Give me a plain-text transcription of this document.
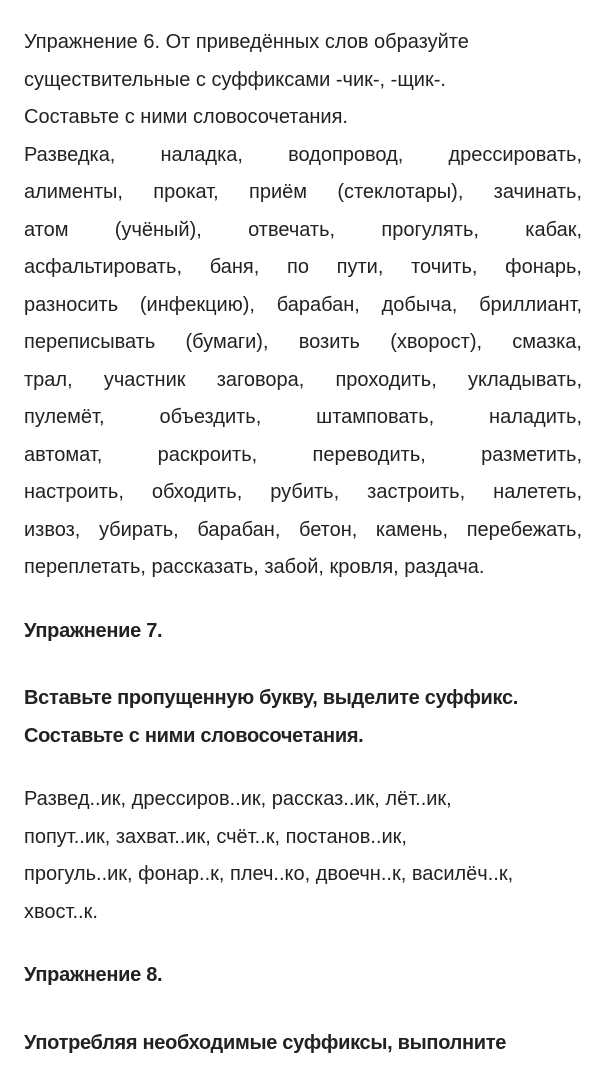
Упражнение 6. От приведённых слов образуйте
существительные с суффиксами -чик-, -щик-.
Составьте с ними словосочетания.
Разведка, наладка, водопровод, дрессировать,
алименты, прокат, приём (стеклотары), зачинать,
атом (учёный), отвечать, прогулять, кабак,
асфальтировать, баня, по пути, точить, фонарь,
разносить (инфекцию), барабан, добыча, бриллиант,
переписывать (бумаги), возить (хворост), смазка,
трал, участник заговора, проходить, укладывать,
пулемёт, объездить, штамповать, наладить,
автомат, раскроить, переводить, разметить,
настроить, обходить, рубить, застроить, налететь,
извоз, убирать, барабан, бетон, камень, перебежать,
переплетать, рассказать, забой, кровля, раздача.
Упражнение 7.
Вставьте пропущенную букву, выделите суффикс.
Составьте с ними словосочетания.
Развед..ик, дрессиров..ик, рассказ..ик, лёт..ик,
попут..ик, захват..ик, счёт..к, постанов..ик,
прогуль..ик, фонар..к, плеч..ко, двоечн..к, василёч..к,
хвост..к.
Упражнение 8.
Употребляя необходимые суффиксы, выполните
